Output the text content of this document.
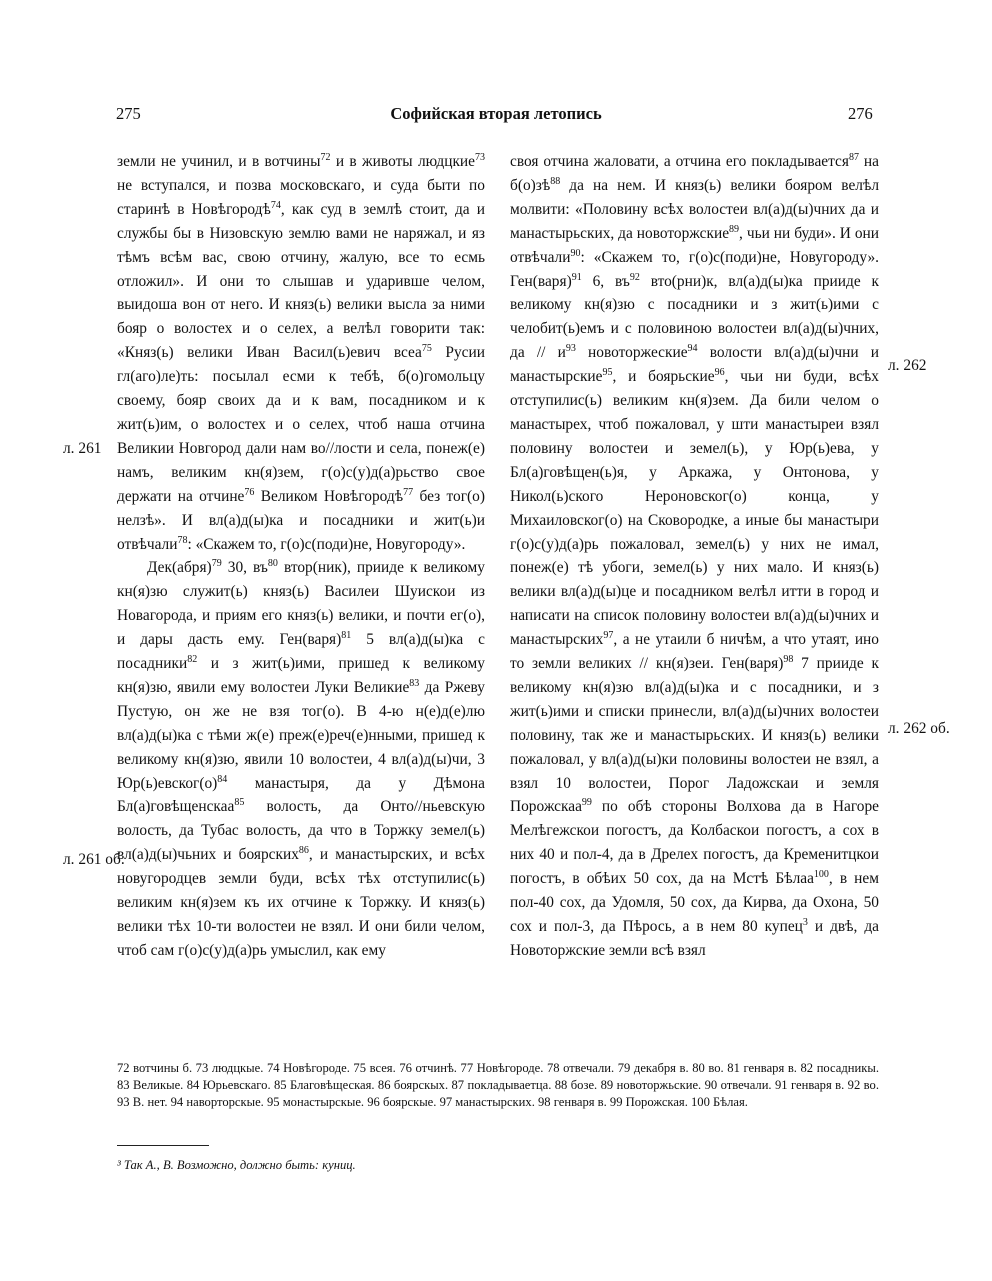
275	Софийская вторая летопись	276

земли не учинил, и в вотчины$^{72}$ и в животы людцкие$^{73}$ не вступался, и позва московскаго, и суда быти по старинѣ в Новѣгородѣ$^{74}$, как суд в землѣ стоит, да и службы бы в Низовскую землю вами не наряжал, и яз тѣмъ всѣм вас, свою отчину, жалую, все то есмь отложил». И они то слышав и ударивше челом, выидоша вон от него. И княз(ь) велики высла за ними бояр о волостех и о селех, а велѣл говорити так: «Княз(ь) велики Иван Васил(ь)евич всеа$^{75}$ Русии гл(аго)ле)ть: посылал есми к тебѣ, б(о)гомольцу своему, бояр своих да и к вам, посадником и к жит(ь)им, о волостех и о селех, чтоб наша отчина Великии Новгород дали нам во//лости и села, понеж(е) намъ, великим кн(я)зем, г(о)с(у)д(а)рьство свое держати на отчине$^{76}$ Великом Новѣгородѣ$^{77}$ без тог(о) нелзѣ». И вл(а)д(ы)ка и посадники и жит(ь)и отвѣчали$^{78}$: «Скажем то, г(о)с(поди)не, Новугороду».

Дек(абря)$^{79}$ 30, $въ^{80}$ втор(ник), прииде к великому кн(я)зю служит(ь) княз(ь) Василеи Шуискои из Новагорода, и приям его княз(ь) велики, и почти ег(о), и дары дасть ему. Ген(варя)$^{81}$ 5 вл(а)д(ы)ка с посадники$^{82}$ и з жит(ь)ими, пришед к великому кн(я)зю, явили ему волостеи Луки Великие$^{83}$ да Ржеву Пустую, он же не взя тог(о). В 4-ю н(е)д(е)лю вл(а)д(ы)ка с тѣми ж(е) преж(е)реч(е)нными, пришед к великому кн(я)зю, явили 10 волостеи, 4 вл(а)д(ы)чи, 3 $Юр(ь)евског(о)^{84}$ манастыря, да у Дѣмона Бл(а)говѣщенскаа$^{85}$ волость, да Онто//ньевскую волость, да Тубас волость, да что в Торжку земел(ь) вл(а)д(ы)чьних и боярских$^{86}$, и манастырских, и всѣх новугородцев земли буди, всѣх тѣх отступилис(ь) великим кн(я)зем къ их отчине к Торжку. И княз(ь) велики тѣх 10-ти волостеи не взял. И они били челом, чтоб сам г(о)с(у)д(а)рь умыслил, как ему

своя отчина жаловати, а отчина его покладывается$^{87}$ на $б(о)зѣ^{88}$ да на нем. И княз(ь) велики бояром велѣл молвити: «Половину всѣх волостеи вл(а)д(ы)чних да и манастырьских, да новоторжские$^{89}$, чьи ни буди». И они отвѣчали$^{90}$: «Скажем то, г(о)с(поди)не, Новугороду». Ген(варя)$^{91}$ 6, $въ^{92}$ вто(рни)к, вл(а)д(ы)ка прииде к великому кн(я)зю с посадники и з жит(ь)ими с челобит(ь)емъ и с половиною волостеи вл(а)д(ы)чних, да // $и^{93}$ новоторжеские$^{94}$ волости вл(а)д(ы)чни и манастырские$^{95}$, и боярьские$^{96}$, чьи ни буди, всѣх отступилис(ь) великим кн(я)зем. Да били челом о манастырех, чтоб пожаловал, у шти манастыреи взял половину волостеи и земел(ь), у Юр(ь)ева, у Бл(а)говѣщен(ь)я, у Аркажа, у Онтонова, у Никол(ь)ского Нероновског(о) конца, у Михаиловског(о) на Сковородке, а иные бы манастыри г(о)с(у)д(а)рь пожаловал, земел(ь) у них не имал, понеж(е) тѣ убоги, земел(ь) у них мало. И княз(ь) велики вл(а)д(ы)це и посадником велѣл итти в город и написати на список половину волостеи вл(а)д(ы)чних и манастырских$^{97}$, а не утаили б ничѣм, а что утаят, ино то земли великих // кн(я)зеи. Ген(варя)$^{98}$ 7 прииде к великому кн(я)зю вл(а)д(ы)ка и с посадники, и з жит(ь)ими и списки принесли, вл(а)д(ы)чних волостеи половину, так же и манастырьских. И княз(ь) велики пожаловал, у вл(а)д(ы)ки половины волостеи не взял, а взял 10 волостеи, Порог Ладожскаи и земля Порожскаа$^{99}$ по обѣ стороны Волхова да в Нагоре Мелѣгежскои погостъ, да Колбаскои погостъ, а сох в них 40 и пол-4, да в Дрелех погостъ, да Кременитцкои погостъ, в обѣих 50 сох, да на Мстѣ Бѣлаа$^{100}$, в нем пол-40 сох, да Удомля, 50 сох, да Кирва, да Охона, 50 сох и пол-3, да Пѣрось, а в нем 80 купец$^3$ и двѣ, да Новоторжские земли всѣ взял

л. 261
л. 261 об.
л. 262
л. 262 об.
72 вотчины б. 73 людцкые. 74 Новѣгороде. 75 всея. 76 отчинѣ. 77 Новѣгороде. 78 отвечали. 79 декабря в. 80 во. 81 генваря в. 82 посадникы. 83 Великые. 84 Юрьевскаго. 85 Благовѣщеская. 86 боярскых. 87 покладываетца. 88 бозе. 89 новоторжьские. 90 отвечали. 91 генваря в. 92 во. 93 В. нет. 94 наворторскые. 95 монастырскые. 96 боярскые. 97 манастырских. 98 генваря в. 99 Порожская. 100 Бѣлая.
³ Так А., В. Возможно, должно быть: куниц.
